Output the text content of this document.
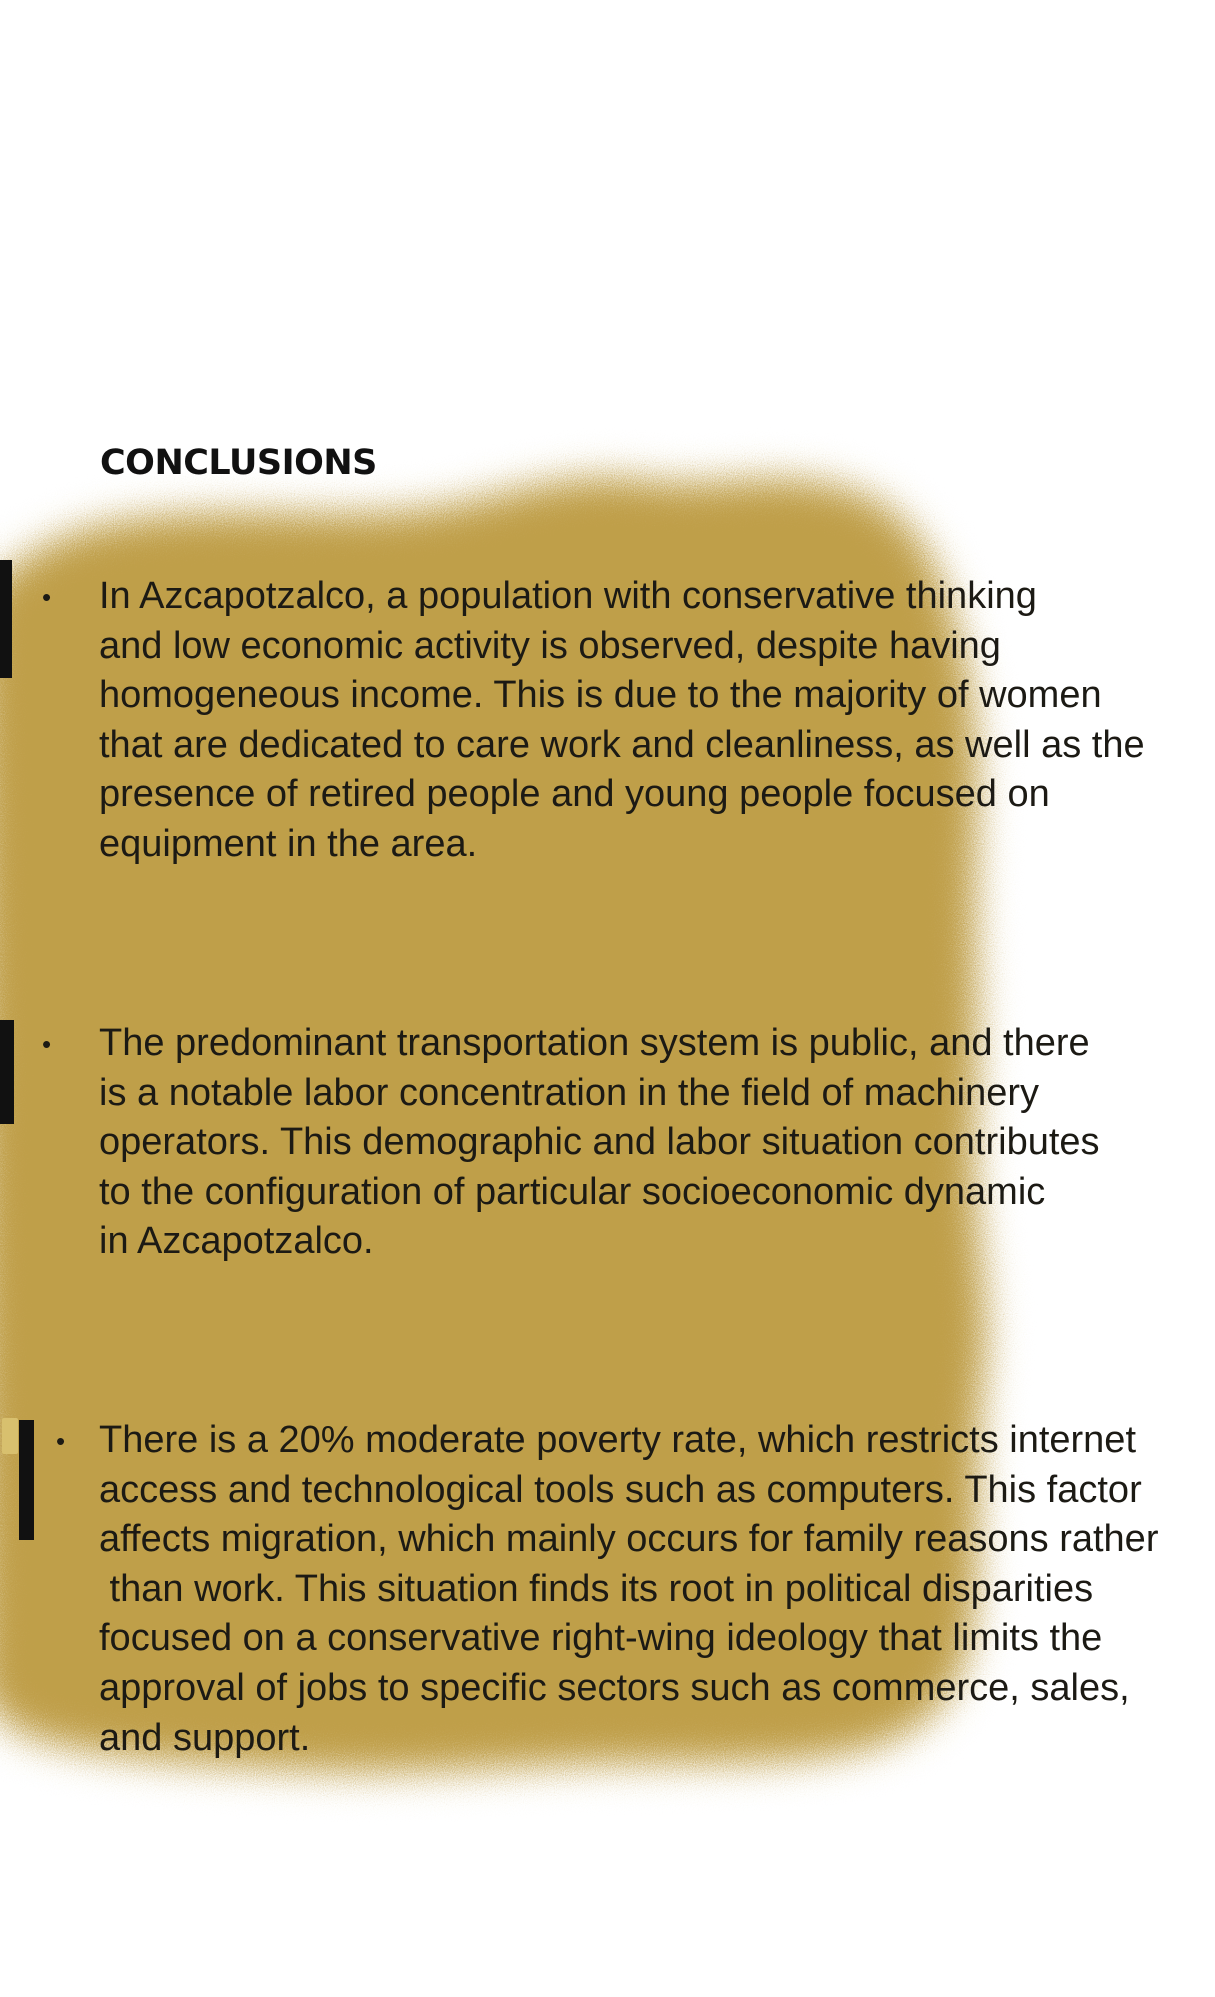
CONCLUSIONS
• In Azcapotzalco, a population with conservative thinking
and low economic activity is observed, despite having
homogeneous income. This is due to the majority of women
that are dedicated to care work and cleanliness, as well as the
presence of retired people and young people focused on
equipment in the area.

• The predominant transportation system is public, and there
is a notable labor concentration in the field of machinery
operators. This demographic and labor situation contributes
to the configuration of particular socioeconomic dynamic
in Azcapotzalco.

• There is a 20% moderate poverty rate, which restricts internet
access and technological tools such as computers. This factor
affects migration, which mainly occurs for family reasons rather
than work. This situation finds its root in political disparities
focused on a conservative right-wing ideology that limits the
approval of jobs to specific sectors such as commerce, sales,
and support.
